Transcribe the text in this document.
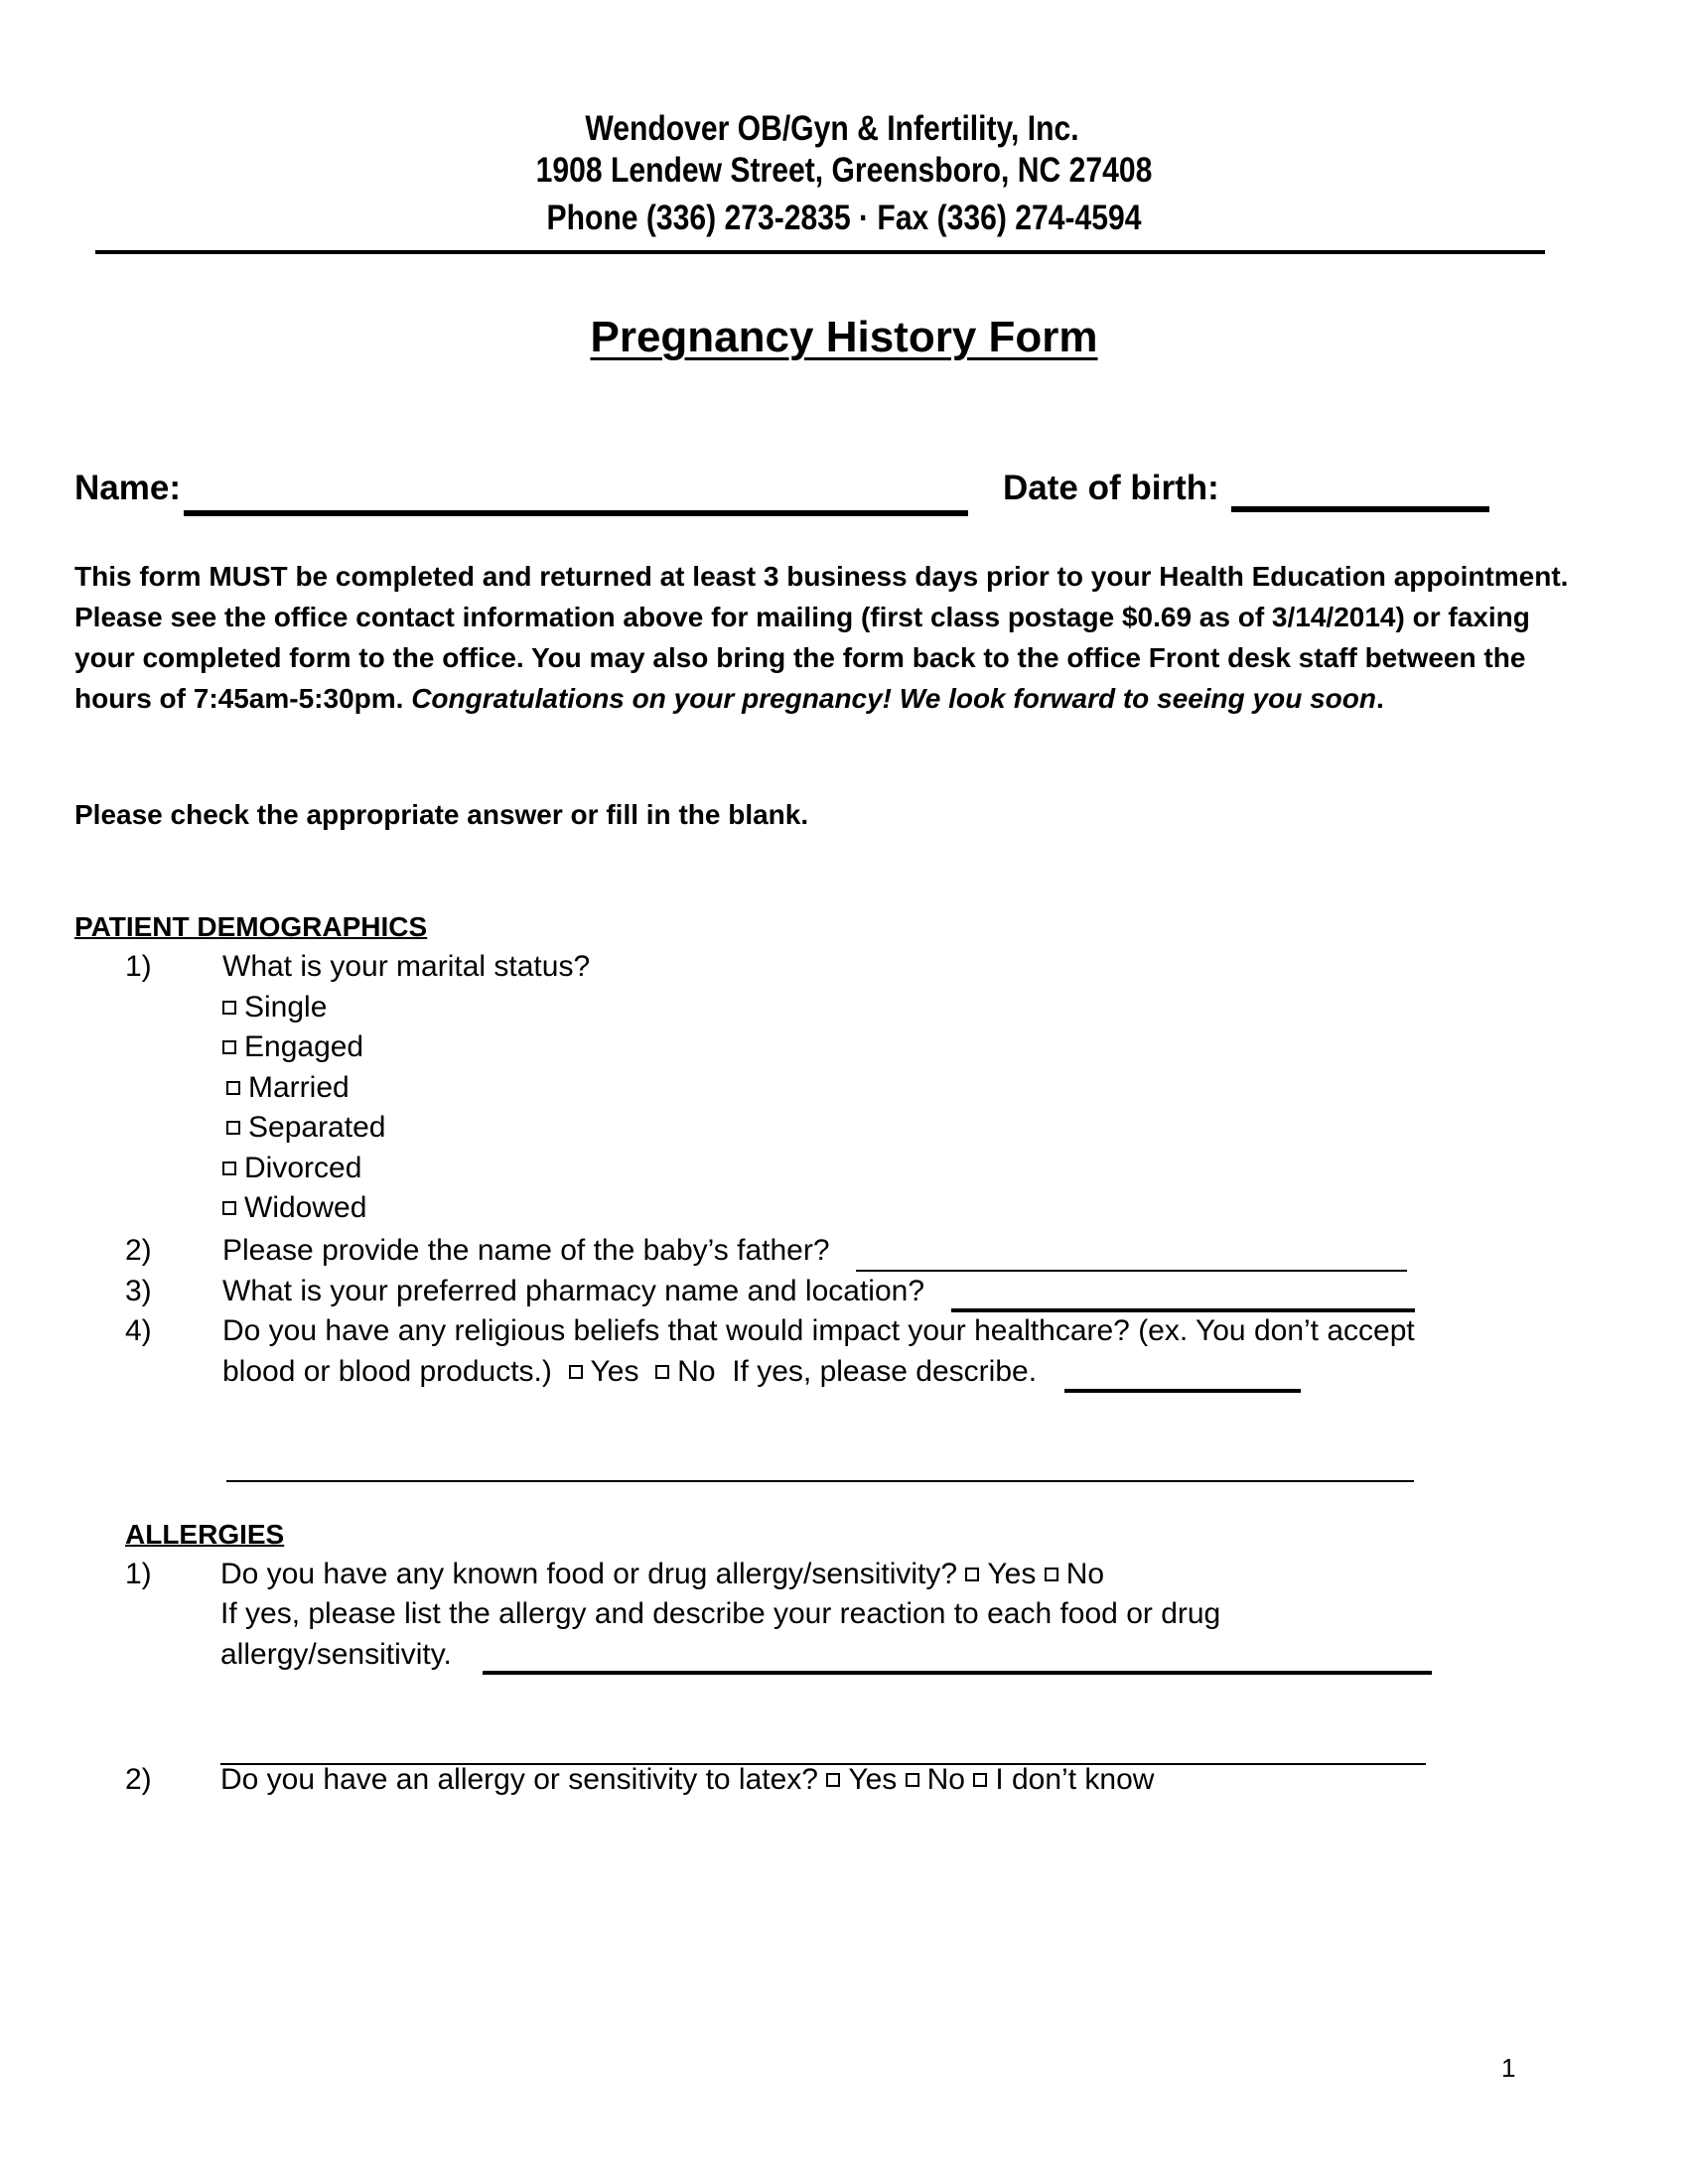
Wendover OB/Gyn & Infertility, Inc.
1908 Lendew Street, Greensboro, NC 27408
Phone (336) 273-2835 · Fax (336) 274-4594
Pregnancy History Form
Name:	Date of birth:
This form MUST be completed and returned at least 3 business days prior to your Health Education appointment. Please see the office contact information above for mailing (first class postage $0.69 as of 3/14/2014) or faxing your completed form to the office. You may also bring the form back to the office Front desk staff between the hours of 7:45am-5:30pm. Congratulations on your pregnancy! We look forward to seeing you soon.
Please check the appropriate answer or fill in the blank.
PATIENT DEMOGRAPHICS
1) What is your marital status?
Single
Engaged
Married
Separated
Divorced
Widowed
2) Please provide the name of the baby’s father?
3) What is your preferred pharmacy name and location?
4) Do you have any religious beliefs that would impact your healthcare? (ex. You don’t accept
blood or blood products.) Yes No If yes, please describe.
ALLERGIES
1) Do you have any known food or drug allergy/sensitivity? Yes No
If yes, please list the allergy and describe your reaction to each food or drug
allergy/sensitivity.
2) Do you have an allergy or sensitivity to latex? Yes No I don’t know
1
